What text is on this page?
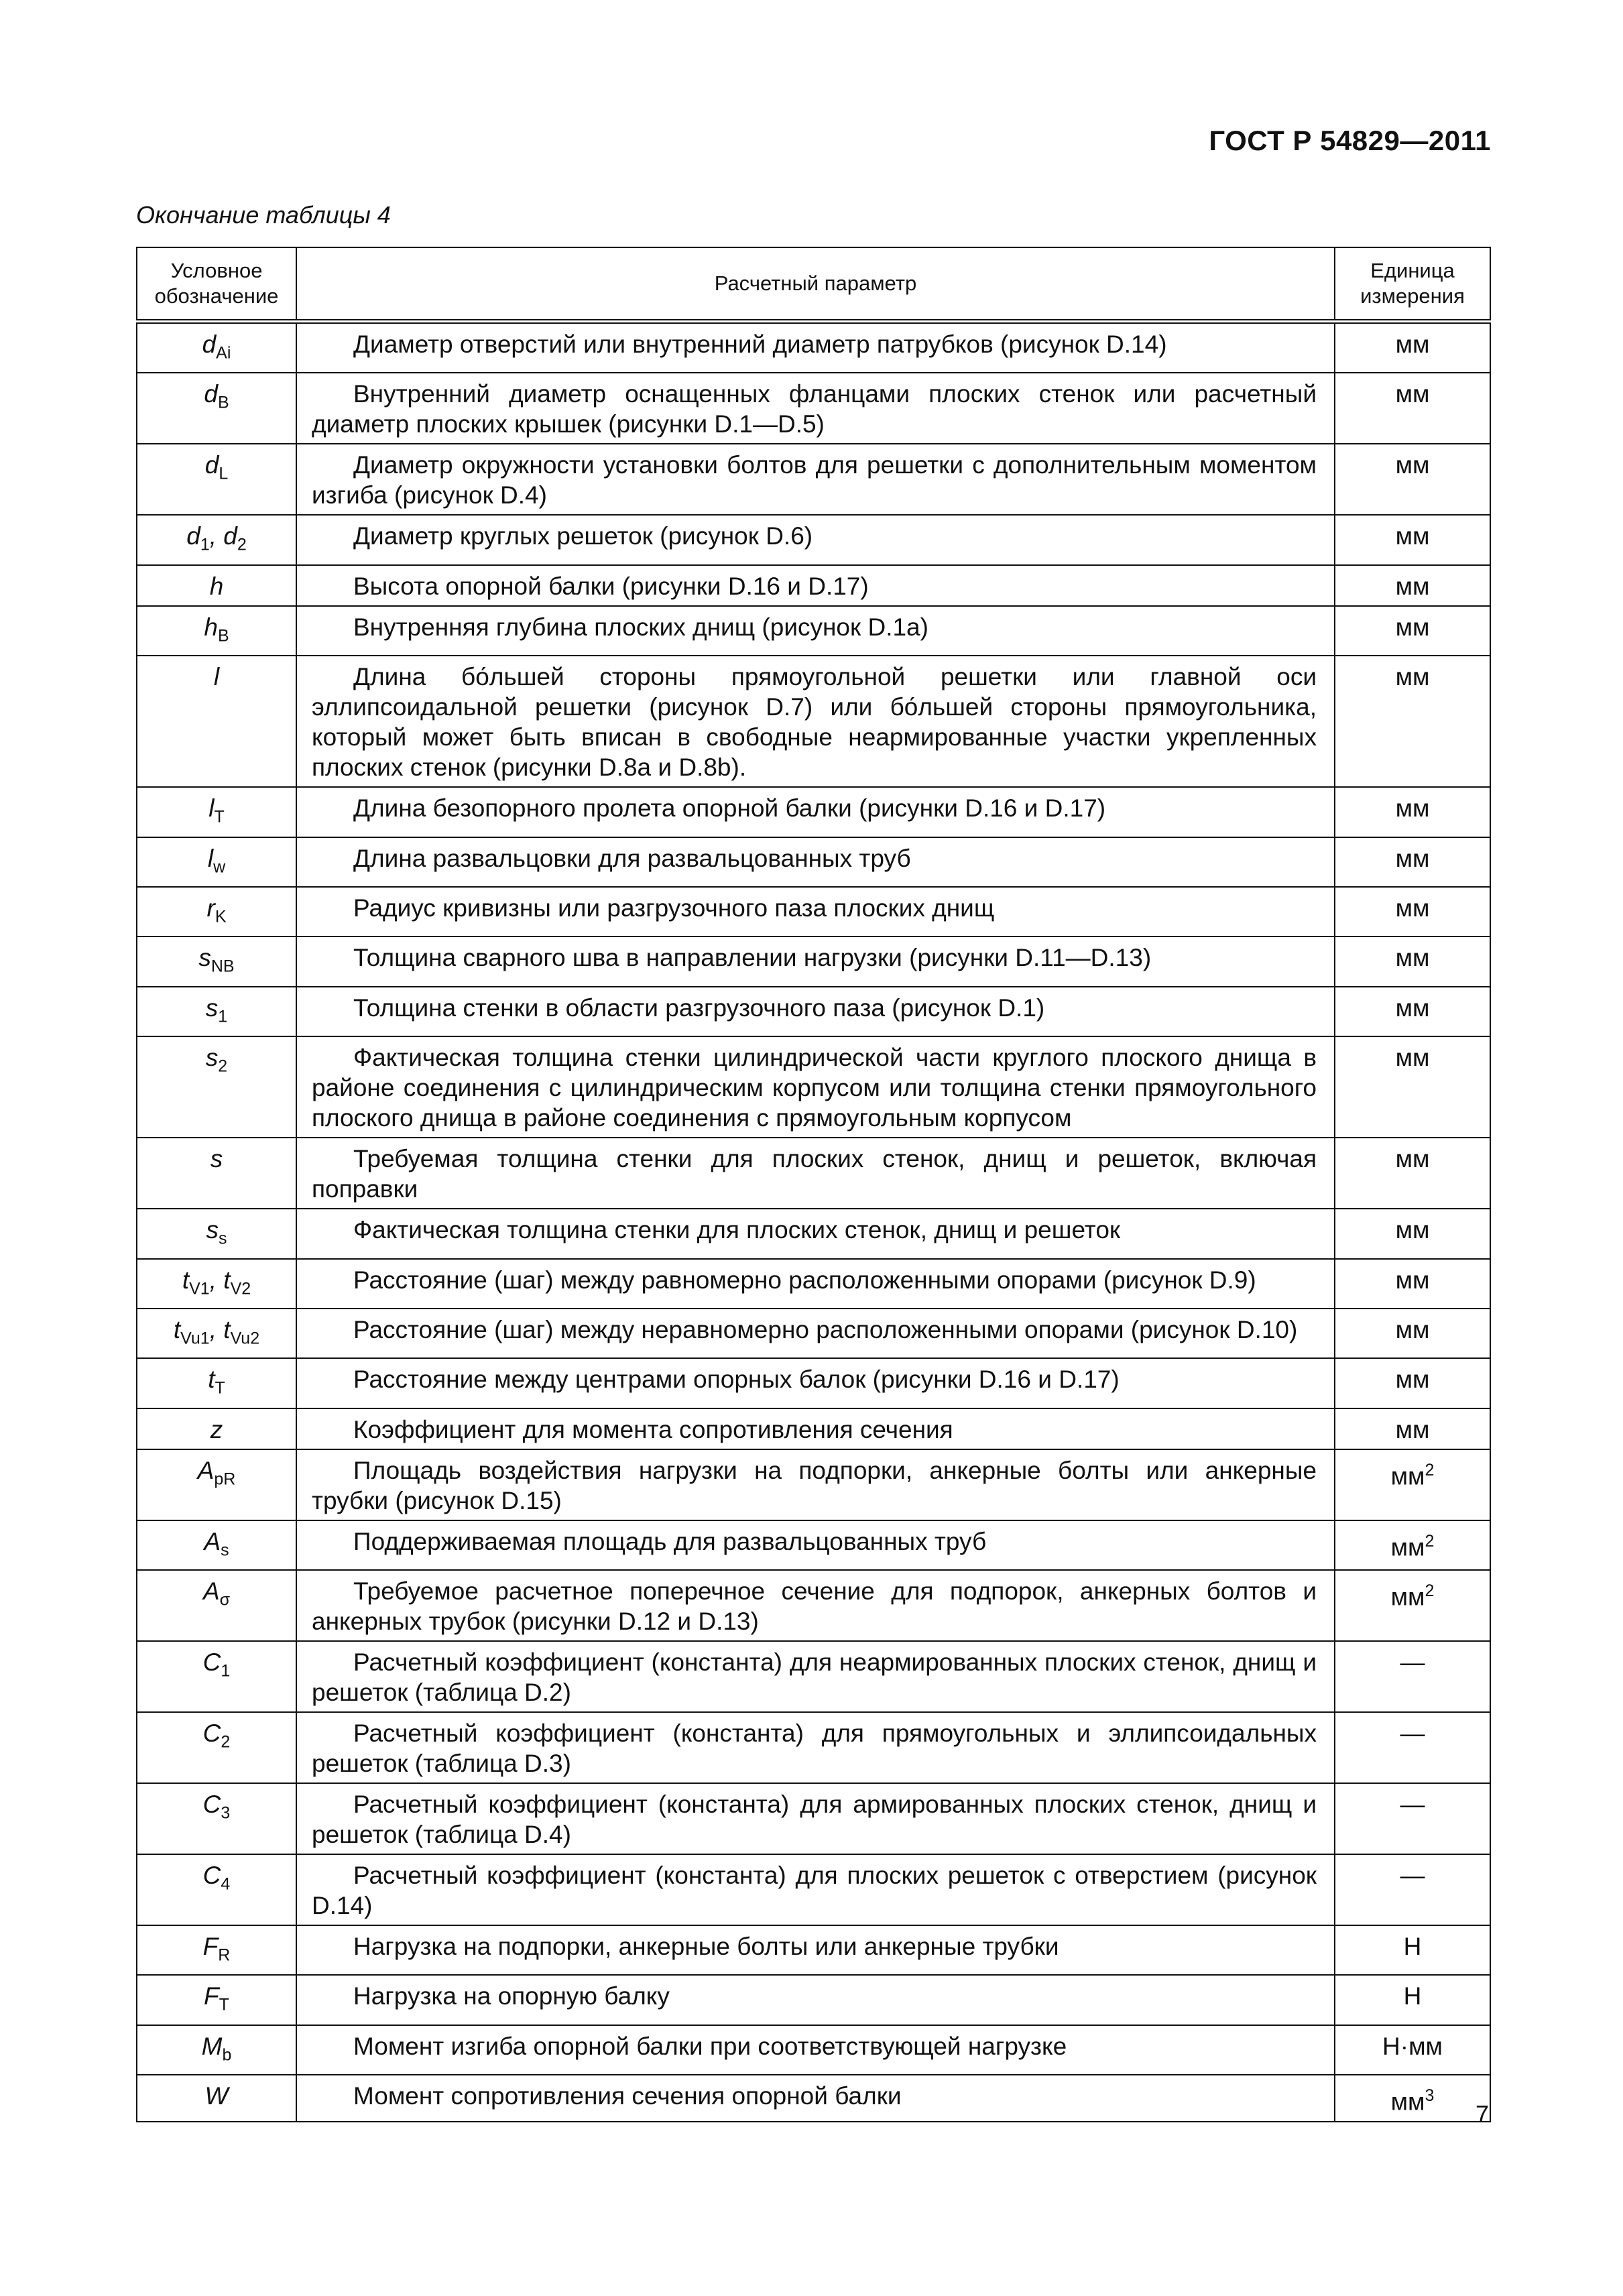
ГОСТ Р 54829—2011
Окончание таблицы 4
Условное обозначение	Расчетный параметр	Единица измерения
$d_{Ai}$	Диаметр отверстий или внутренний диаметр патрубков (рисунок D.14)	мм
$d_B$	Внутренний диаметр оснащенных фланцами плоских стенок или расчетный диаметр плоских крышек (рисунки D.1—D.5)	мм
$d_L$	Диаметр окружности установки болтов для решетки с дополнительным моментом изгиба (рисунок D.4)	мм
$d_1$, $d_2$	Диаметр круглых решеток (рисунок D.6)	мм
h	Высота опорной балки (рисунки D.16 и D.17)	мм
$h_B$	Внутренняя глубина плоских днищ (рисунок D.1a)	мм
l	Длина бо́льшей стороны прямоугольной решетки или главной оси эллипсоидальной решетки (рисунок D.7) или бо́льшей стороны прямоугольника, который может быть вписан в свободные неармированные участки укрепленных плоских стенок (рисунки D.8a и D.8b).	мм
$l_T$	Длина безопорного пролета опорной балки (рисунки D.16 и D.17)	мм
$l_w$	Длина развальцовки для развальцованных труб	мм
$r_K$	Радиус кривизны или разгрузочного паза плоских днищ	мм
$s_{NB}$	Толщина сварного шва в направлении нагрузки (рисунки D.11—D.13)	мм
$s_1$	Толщина стенки в области разгрузочного паза (рисунок D.1)	мм
$s_2$	Фактическая толщина стенки цилиндрической части круглого плоского днища в районе соединения с цилиндрическим корпусом или толщина стенки прямоугольного плоского днища в районе соединения с прямоугольным корпусом	мм
s	Требуемая толщина стенки для плоских стенок, днищ и решеток, включая поправки	мм
$s_s$	Фактическая толщина стенки для плоских стенок, днищ и решеток	мм
$t_{V1}$, $t_{V2}$	Расстояние (шаг) между равномерно расположенными опорами (рисунок D.9)	мм
$t_{Vu1}$, $t_{Vu2}$	Расстояние (шаг) между неравномерно расположенными опорами (рисунок D.10)	мм
$t_T$	Расстояние между центрами опорных балок (рисунки D.16 и D.17)	мм
z	Коэффициент для момента сопротивления сечения	мм
$A_{pR}$	Площадь воздействия нагрузки на подпорки, анкерные болты или анкерные трубки (рисунок D.15)	$мм^2$
$A_s$	Поддерживаемая площадь для развальцованных труб	$мм^2$
$A_\sigma$	Требуемое расчетное поперечное сечение для подпорок, анкерных болтов и анкерных трубок (рисунки D.12 и D.13)	$мм^2$
$C_1$	Расчетный коэффициент (константа) для неармированных плоских стенок, днищ и решеток (таблица D.2)	—
$C_2$	Расчетный коэффициент (константа) для прямоугольных и эллипсоидальных решеток (таблица D.3)	—
$C_3$	Расчетный коэффициент (константа) для армированных плоских стенок, днищ и решеток (таблица D.4)	—
$C_4$	Расчетный коэффициент (константа) для плоских решеток с отверстием (рисунок D.14)	—
$F_R$	Нагрузка на подпорки, анкерные болты или анкерные трубки	Н
$F_T$	Нагрузка на опорную балку	Н
$M_b$	Момент изгиба опорной балки при соответствующей нагрузке	Н·мм
W	Момент сопротивления сечения опорной балки	$мм^3$
7
